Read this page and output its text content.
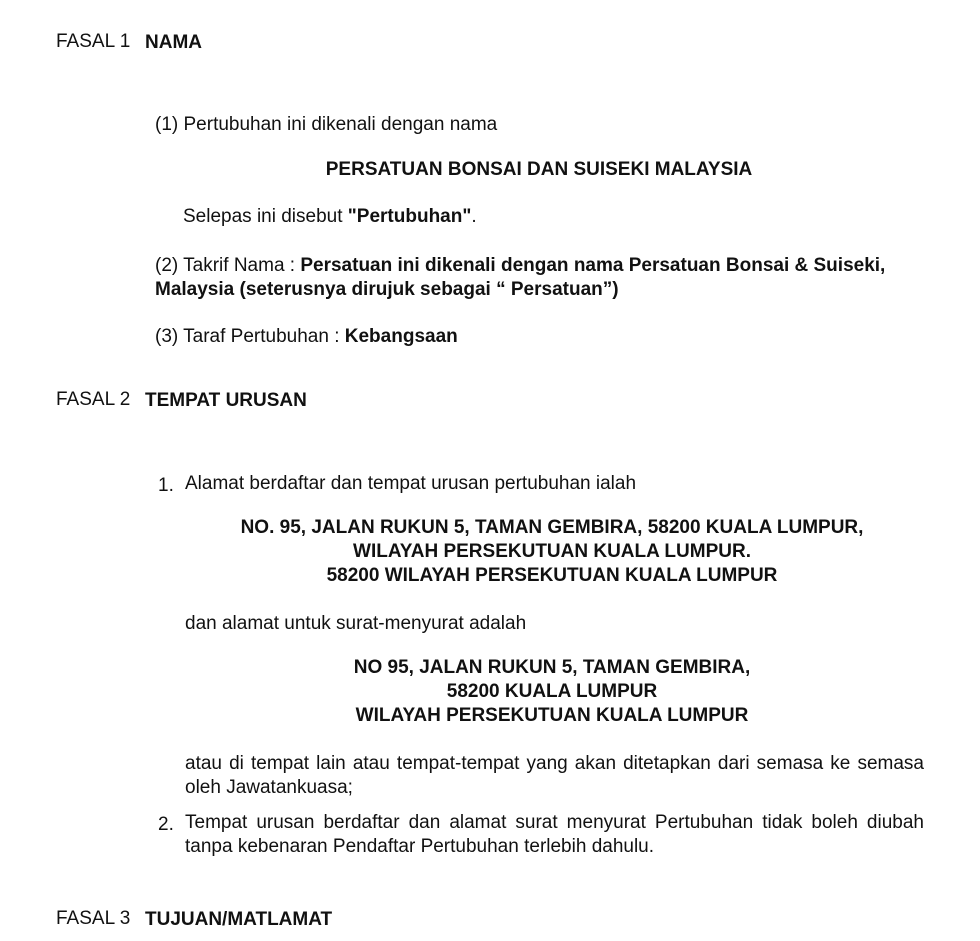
FASAL 1 NAMA
(1) Pertubuhan ini dikenali dengan nama
PERSATUAN BONSAI DAN SUISEKI MALAYSIA
Selepas ini disebut "Pertubuhan".
(2) Takrif Nama : Persatuan ini dikenali dengan nama Persatuan Bonsai & Suiseki,
Malaysia (seterusnya dirujuk sebagai “ Persatuan”)
(3) Taraf Pertubuhan : Kebangsaan
FASAL 2 TEMPAT URUSAN
1. Alamat berdaftar dan tempat urusan pertubuhan ialah
NO. 95, JALAN RUKUN 5, TAMAN GEMBIRA, 58200 KUALA LUMPUR,
WILAYAH PERSEKUTUAN KUALA LUMPUR.
58200 WILAYAH PERSEKUTUAN KUALA LUMPUR
dan alamat untuk surat-menyurat adalah
NO 95, JALAN RUKUN 5, TAMAN GEMBIRA,
58200 KUALA LUMPUR
WILAYAH PERSEKUTUAN KUALA LUMPUR
atau di tempat lain atau tempat-tempat yang akan ditetapkan dari semasa ke semasa oleh Jawatankuasa;
2. Tempat urusan berdaftar dan alamat surat menyurat Pertubuhan tidak boleh diubah tanpa kebenaran Pendaftar Pertubuhan terlebih dahulu.
FASAL 3 TUJUAN/MATLAMAT
